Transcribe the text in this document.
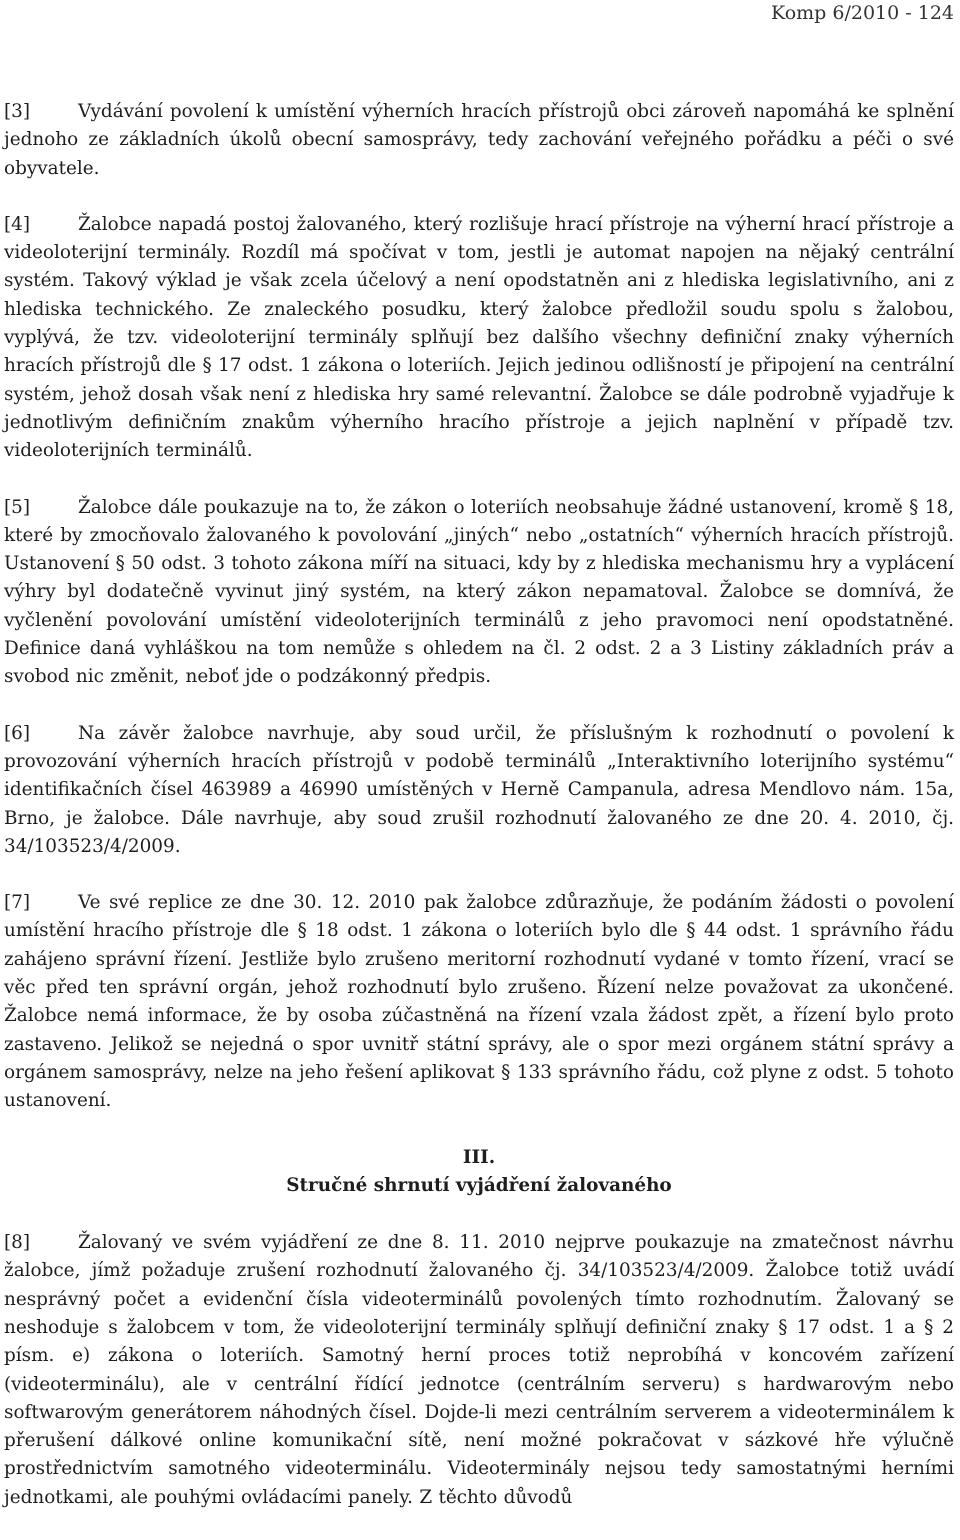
Komp 6/2010 - 124

[3]	Vydávání povolení k umístění výherních hracích přístrojů obci zároveň napomáhá ke splnění jednoho ze základních úkolů obecní samosprávy, tedy zachování veřejného pořádku a péči o své obyvatele.

[4]	Žalobce napadá postoj žalovaného, který rozlišuje hrací přístroje na výherní hrací přístroje a videoloterijní terminály. Rozdíl má spočívat v tom, jestli je automat napojen na nějaký centrální systém. Takový výklad je však zcela účelový a není opodstatněn ani z hlediska legislativního, ani z hlediska technického. Ze znaleckého posudku, který žalobce předložil soudu spolu s žalobou, vyplývá, že tzv. videoloterijní terminály splňují bez dalšího všechny definiční znaky výherních hracích přístrojů dle § 17 odst. 1 zákona o loteriích. Jejich jedinou odlišností je připojení na centrální systém, jehož dosah však není z hlediska hry samé relevantní. Žalobce se dále podrobně vyjadřuje k jednotlivým definičním znakům výherního hracího přístroje a jejich naplnění v případě tzv. videoloterijních terminálů.

[5]	Žalobce dále poukazuje na to, že zákon o loteriích neobsahuje žádné ustanovení, kromě § 18, které by zmocňovalo žalovaného k povolování „jiných“ nebo „ostatních“ výherních hracích přístrojů. Ustanovení § 50 odst. 3 tohoto zákona míří na situaci, kdy by z hlediska mechanismu hry a vyplácení výhry byl dodatečně vyvinut jiný systém, na který zákon nepamatoval. Žalobce se domnívá, že vyčlenění povolování umístění videoloterijních terminálů z jeho pravomoci není opodstatněné. Definice daná vyhláškou na tom nemůže s ohledem na čl. 2 odst. 2 a 3 Listiny základních práv a svobod nic změnit, neboť jde o podzákonný předpis.

[6]	Na závěr žalobce navrhuje, aby soud určil, že příslušným k rozhodnutí o povolení k provozování výherních hracích přístrojů v podobě terminálů „Interaktivního loterijního systému“ identifikačních čísel 463989 a 46990 umístěných v Herně Campanula, adresa Mendlovo nám. 15a, Brno, je žalobce. Dále navrhuje, aby soud zrušil rozhodnutí žalovaného ze dne 20. 4. 2010, čj. 34/103523/4/2009.

[7]	Ve své replice ze dne 30. 12. 2010 pak žalobce zdůrazňuje, že podáním žádosti o povolení umístění hracího přístroje dle § 18 odst. 1 zákona o loteriích bylo dle § 44 odst. 1 správního řádu zahájeno správní řízení. Jestliže bylo zrušeno meritorní rozhodnutí vydané v tomto řízení, vrací se věc před ten správní orgán, jehož rozhodnutí bylo zrušeno. Řízení nelze považovat za ukončené. Žalobce nemá informace, že by osoba zúčastněná na řízení vzala žádost zpět, a řízení bylo proto zastaveno. Jelikož se nejedná o spor uvnitř státní správy, ale o spor mezi orgánem státní správy a orgánem samosprávy, nelze na jeho řešení aplikovat § 133 správního řádu, což plyne z odst. 5 tohoto ustanovení.

III.
Stručné shrnutí vyjádření žalovaného

[8]	Žalovaný ve svém vyjádření ze dne 8. 11. 2010 nejprve poukazuje na zmatečnost návrhu žalobce, jímž požaduje zrušení rozhodnutí žalovaného čj. 34/103523/4/2009. Žalobce totiž uvádí nesprávný počet a evidenční čísla videoterminálů povolených tímto rozhodnutím. Žalovaný se neshoduje s žalobcem v tom, že videoloterijní terminály splňují definiční znaky § 17 odst. 1 a § 2 písm. e) zákona o loteriích. Samotný herní proces totiž neprobíhá v koncovém zařízení (videoterminálu), ale v centrální řídící jednotce (centrálním serveru) s hardwarovým nebo softwarovým generátorem náhodných čísel. Dojde-li mezi centrálním serverem a videoterminálem k přerušení dálkové online komunikační sítě, není možné pokračovat v sázkové hře výlučně prostřednictvím samotného videoterminálu. Videoterminály nejsou tedy samostatnými herními jednotkami, ale pouhými ovládacími panely. Z těchto důvodů
